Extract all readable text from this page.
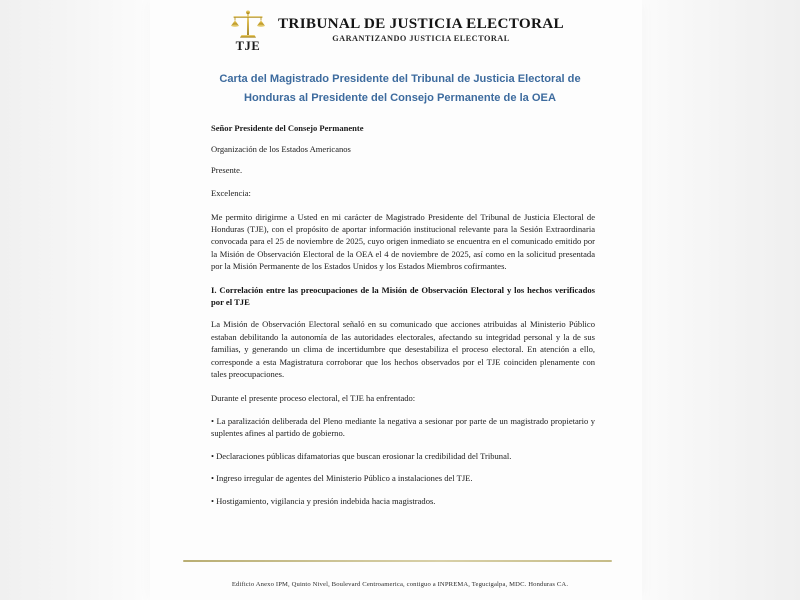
TJE
TRIBUNAL DE JUSTICIA ELECTORAL
GARANTIZANDO JUSTICIA ELECTORAL
Carta del Magistrado Presidente del Tribunal de Justicia Electoral de
Honduras al Presidente del Consejo Permanente de la OEA

Señor Presidente del Consejo Permanente

Organización de los Estados Americanos

Presente.

Excelencia:

Me permito dirigirme a Usted en mi carácter de Magistrado Presidente del Tribunal de Justicia Electoral de Honduras (TJE), con el propósito de aportar información institucional relevante para la Sesión Extraordinaria convocada para el 25 de noviembre de 2025, cuyo origen inmediato se encuentra en el comunicado emitido por la Misión de Observación Electoral de la OEA el 4 de noviembre de 2025, así como en la solicitud presentada por la Misión Permanente de los Estados Unidos y los Estados Miembros cofirmantes.

I. Correlación entre las preocupaciones de la Misión de Observación Electoral y los hechos verificados por el TJE

La Misión de Observación Electoral señaló en su comunicado que acciones atribuidas al Ministerio Público estaban debilitando la autonomía de las autoridades electorales, afectando su integridad personal y la de sus familias, y generando un clima de incertidumbre que desestabiliza el proceso electoral. En atención a ello, corresponde a esta Magistratura corroborar que los hechos observados por el TJE coinciden plenamente con tales preocupaciones.

Durante el presente proceso electoral, el TJE ha enfrentado:

• La paralización deliberada del Pleno mediante la negativa a sesionar por parte de un magistrado propietario y suplentes afines al partido de gobierno.

• Declaraciones públicas difamatorias que buscan erosionar la credibilidad del Tribunal.

• Ingreso irregular de agentes del Ministerio Público a instalaciones del TJE.

• Hostigamiento, vigilancia y presión indebida hacia magistrados.

Edificio Anexo IPM, Quinto Nivel, Boulevard Centroamerica, contiguo a INPREMA, Tegucigalpa, MDC. Honduras CA.
